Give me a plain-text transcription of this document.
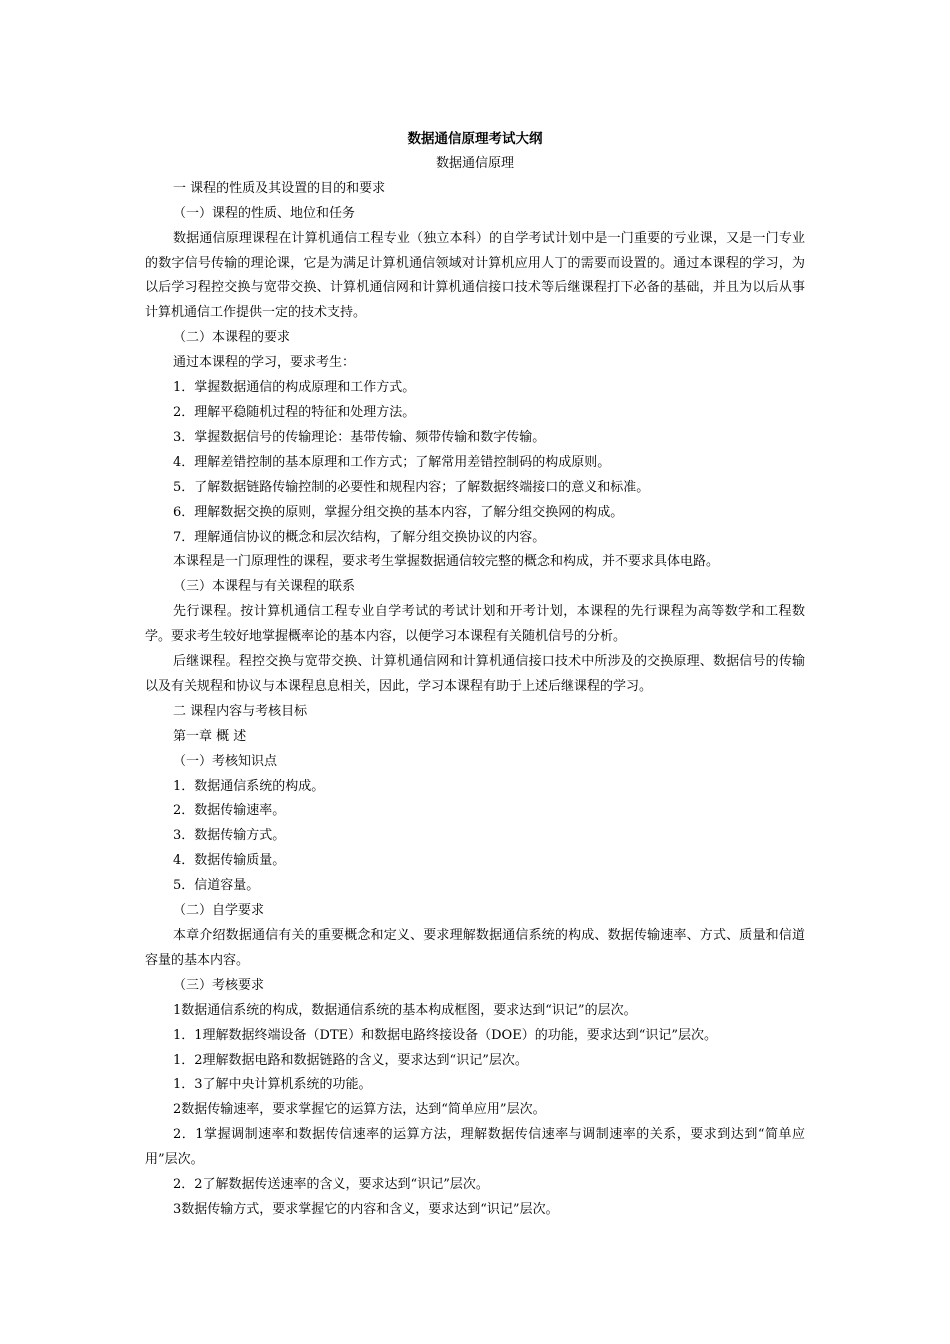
数据通信原理考试大纲

数据通信原理

一 课程的性质及其设置的目的和要求

（一）课程的性质、地位和任务

数据通信原理课程在计算机通信工程专业（独立本科）的自学考试计划中是一门重要的亏业课，又是一门专业的数字信号传输的理论课，它是为满足计算机通信领域对计算机应用人丁的需要而设置的。通过本课程的学习，为以后学习程控交换与宽带交换、计算机通信网和计算机通信接口技术等后继课程打下必备的基础，并且为以后从事计算机通信工作提供一定的技术支持。

（二）本课程的要求

通过本课程的学习，要求考生：

1．掌握数据通信的构成原理和工作方式。

2．理解平稳随机过程的特征和处理方法。

3．掌握数据信号的传输理论：基带传输、频带传输和数字传输。

4．理解差错控制的基本原理和工作方式；了解常用差错控制码的构成原则。

5．了解数据链路传输控制的必要性和规程内容；了解数据终端接口的意义和标准。

6．理解数据交换的原则，掌握分组交换的基本内容，了解分组交换网的构成。

7．理解通信协议的概念和层次结构，了解分组交换协议的内容。

本课程是一门原理性的课程，要求考生掌握数据通信较完整的概念和构成，并不要求具体电路。

（三）本课程与有关课程的联系

先行课程。按计算机通信工程专业自学考试的考试计划和开考计划，本课程的先行课程为高等数学和工程数学。要求考生较好地掌握概率论的基本内容，以便学习本课程有关随机信号的分析。

后继课程。程控交换与宽带交换、计算机通信网和计算机通信接口技术中所涉及的交换原理、数据信号的传输以及有关规程和协议与本课程息息相关，因此，学习本课程有助于上述后继课程的学习。

二 课程内容与考核目标

第一章 概 述

（一）考核知识点

1．数据通信系统的构成。

2．数据传输速率。

3．数据传输方式。

4．数据传输质量。

5．信道容量。

（二）自学要求

本章介绍数据通信有关的重要概念和定义、要求理解数据通信系统的构成、数据传输速率、方式、质量和信道容量的基本内容。

（三）考核要求

1数据通信系统的构成，数据通信系统的基本构成框图，要求达到“识记”的层次。

1．1理解数据终端设备（DTE）和数据电路终接设备（DOE）的功能，要求达到“识记”层次。

1．2理解数据电路和数据链路的含义，要求达到“识记”层次。

1．3了解中央计算机系统的功能。

2数据传输速率，要求掌握它的运算方法，达到“简单应用”层次。

2．1掌握调制速率和数据传信速率的运算方法，理解数据传信速率与调制速率的关系，要求到达到“简单应用”层次。

2．2了解数据传送速率的含义，要求达到“识记”层次。

3数据传输方式，要求掌握它的内容和含义，要求达到“识记”层次。
